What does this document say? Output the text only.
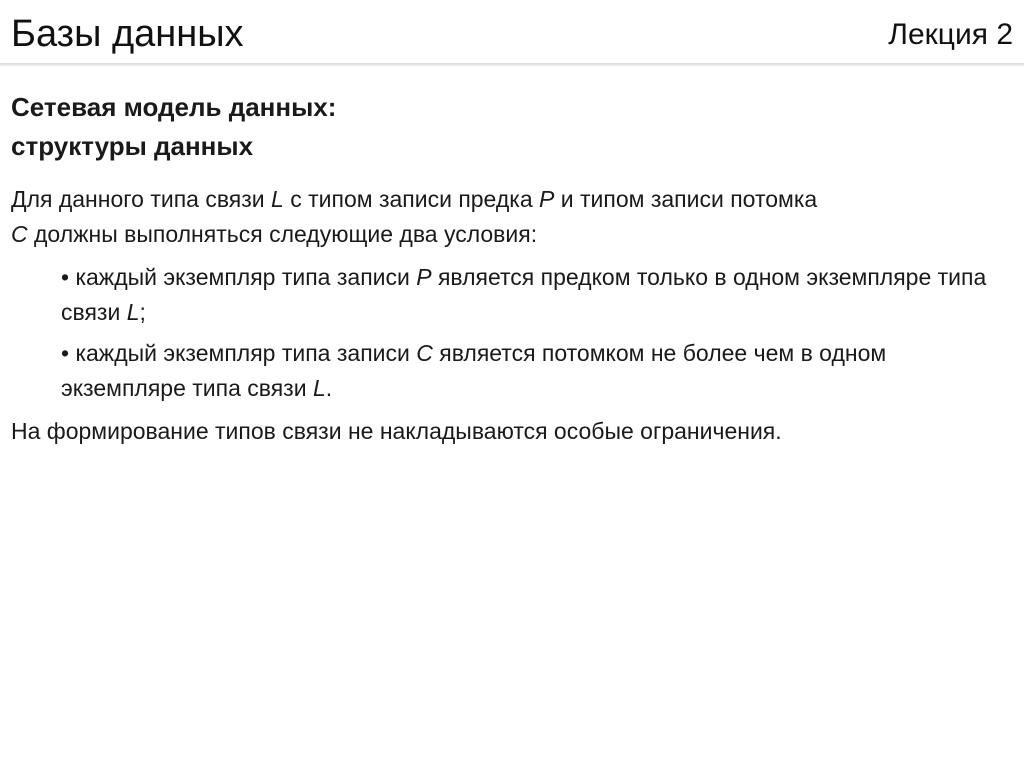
Базы данных	Лекция 2
Сетевая модель данных:
структуры данных

Для данного типа связи L с типом записи предка P и типом записи потомка
C должны выполняться следующие два условия:

• каждый экземпляр типа записи P является предком только в одном экземпляре типа связи L;

• каждый экземпляр типа записи C является потомком не более чем в одном экземпляре типа связи L.

На формирование типов связи не накладываются особые ограничения.
